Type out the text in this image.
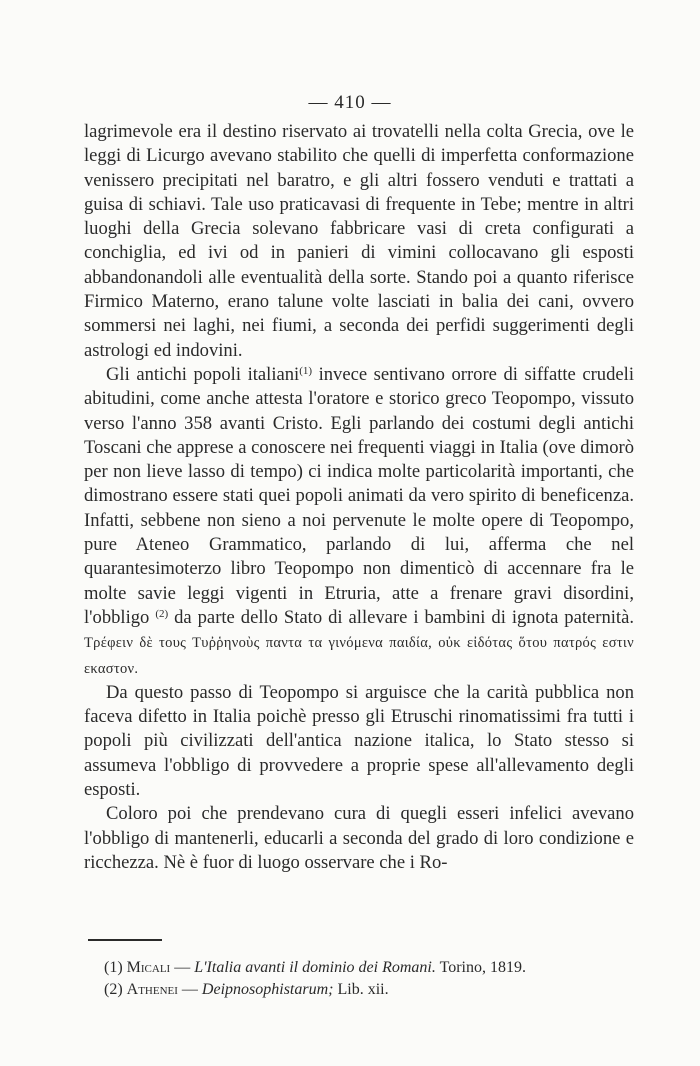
— 410 —

lagrimevole era il destino riservato ai trovatelli nella colta Grecia, ove le leggi di Licurgo avevano stabilito che quelli di imperfetta conformazione venissero precipitati nel baratro, e gli altri fossero venduti e trattati a guisa di schiavi. Tale uso praticavasi di frequente in Tebe; mentre in altri luoghi della Grecia solevano fabbricare vasi di creta configurati a conchiglia, ed ivi od in panieri di vimini collocavano gli esposti abbandonandoli alle eventualità della sorte. Stando poi a quanto riferisce Firmico Materno, erano talune volte lasciati in balia dei cani, ovvero sommersi nei laghi, nei fiumi, a seconda dei perfidi suggerimenti degli astrologi ed indovini.

Gli antichi popoli italiani$^{(1)}$ invece sentivano orrore di siffatte crudeli abitudini, come anche attesta l'oratore e storico greco Teopompo, vissuto verso l'anno 358 avanti Cristo. Egli parlando dei costumi degli antichi Toscani che apprese a conoscere nei frequenti viaggi in Italia (ove dimorò per non lieve lasso di tempo) ci indica molte particolarità importanti, che dimostrano essere stati quei popoli animati da vero spirito di beneficenza. Infatti, sebbene non sieno a noi pervenute le molte opere di Teopompo, pure Ateneo Grammatico, parlando di lui, afferma che nel quarantesimoterzo libro Teopompo non dimenticò di accennare fra le molte savie leggi vigenti in Etruria, atte a frenare gravi disordini, l'obbligo $^{(2)}$ da parte dello Stato di allevare i bambini di ignota paternità. Τρέφειν δὲ τους Τυῤῥηνοὺς παντα τα γινόμενα παιδία, οὐκ εἰδότας ὅτου πατρός εστιν εκαστον.

Da questo passo di Teopompo si arguisce che la carità pubblica non faceva difetto in Italia poichè presso gli Etruschi rinomatissimi fra tutti i popoli più civilizzati dell'antica nazione italica, lo Stato stesso si assumeva l'obbligo di provvedere a proprie spese all'allevamento degli esposti.

Coloro poi che prendevano cura di quegli esseri infelici avevano l'obbligo di mantenerli, educarli a seconda del grado di loro condizione e ricchezza. Nè è fuor di luogo osservare che i Ro-

(1) Micali — L'Italia avanti il dominio dei Romani. Torino, 1819.
(2) Athenei — Deipnosophistarum; Lib. xii.
